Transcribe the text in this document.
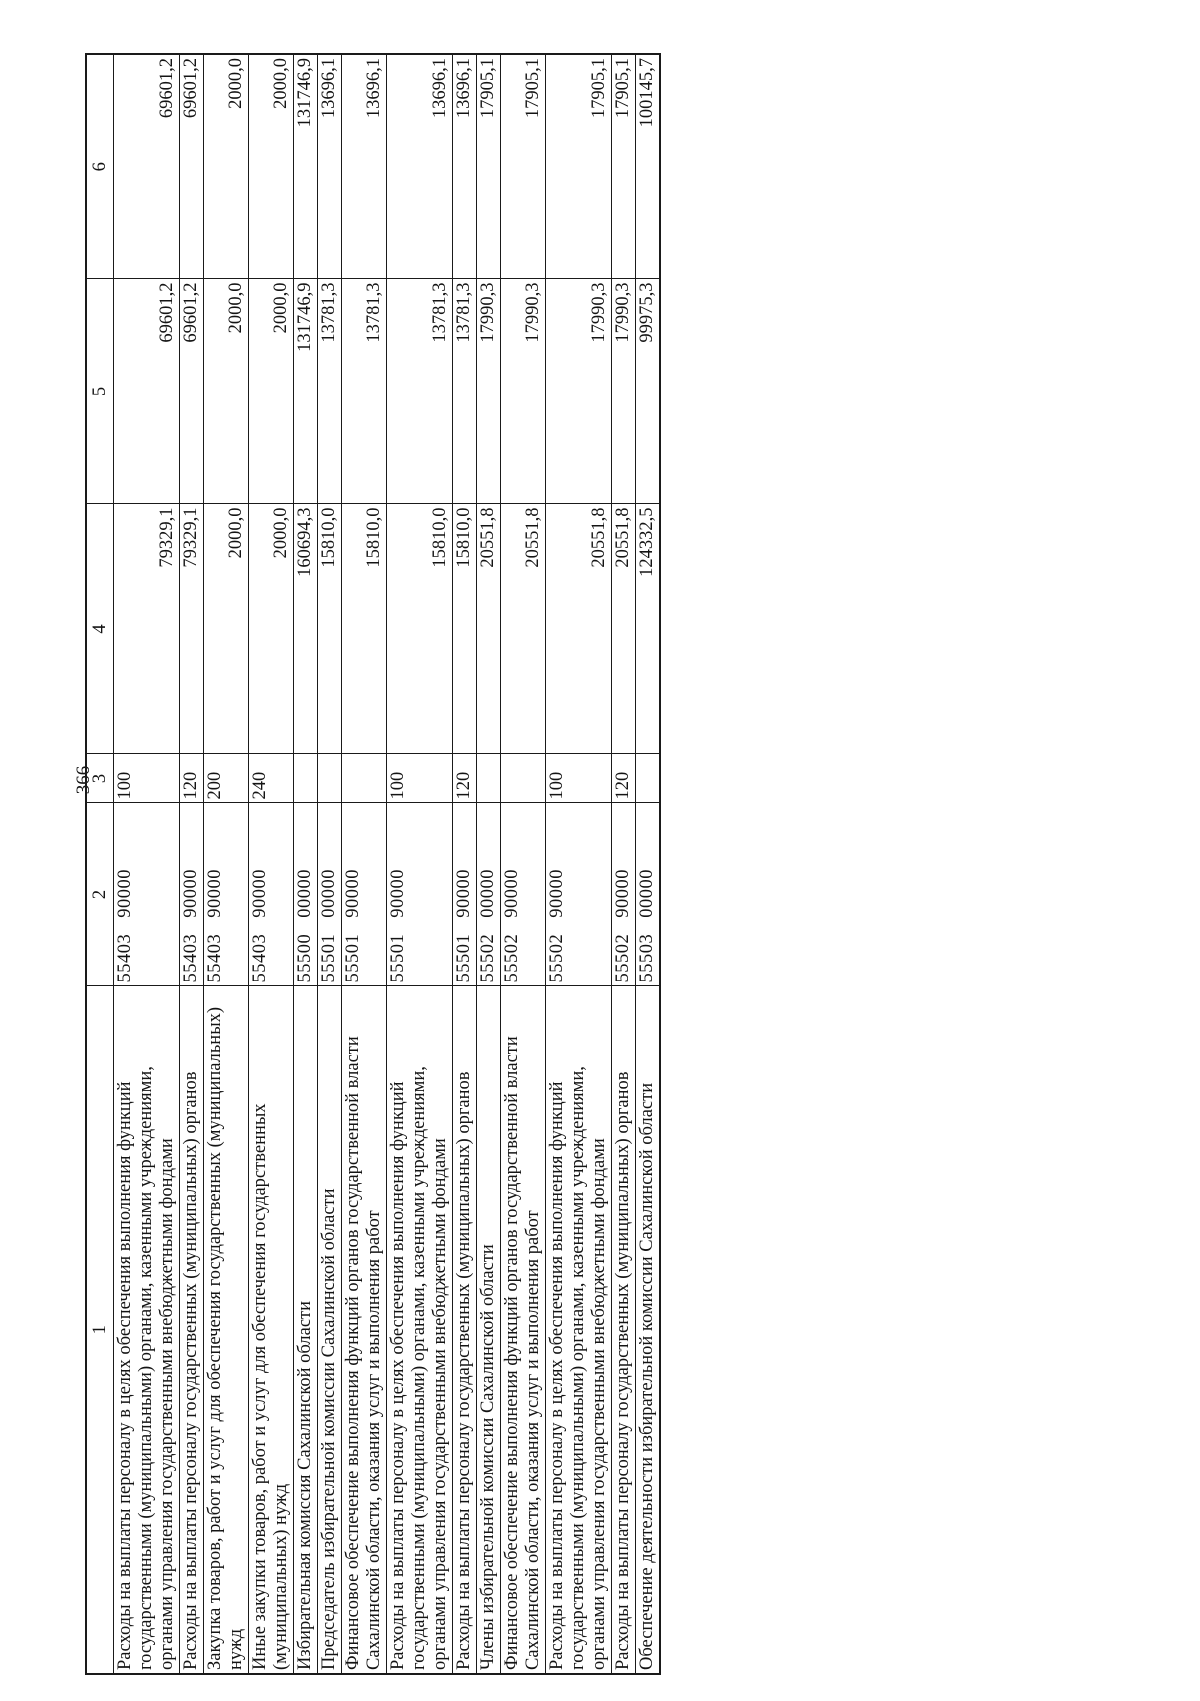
366
1	2	3	4	5	6
Расходы на выплаты персоналу в целях обеспечения выполнения функций государственными (муниципальными) органами, казенными учреждениями, органами управления государственными внебюджетными фондами	5540390000	100	79329,1	69601,2	69601,2
Расходы на выплаты персоналу государственных (муниципальных) органов	5540390000	120	79329,1	69601,2	69601,2
Закупка товаров, работ и услуг для обеспечения государственных (муниципальных) нужд	5540390000	200	2000,0	2000,0	2000,0
Иные закупки товаров, работ и услуг для обеспечения государственных (муниципальных) нужд	5540390000	240	2000,0	2000,0	2000,0
Избирательная комиссия Сахалинской области	5550000000		160694,3	131746,9	131746,9
Председатель избирательной комиссии Сахалинской области	5550100000		15810,0	13781,3	13696,1
Финансовое обеспечение выполнения функций органов государственной власти Сахалинской области, оказания услуг и выполнения работ	5550190000		15810,0	13781,3	13696,1
Расходы на выплаты персоналу в целях обеспечения выполнения функций государственными (муниципальными) органами, казенными учреждениями, органами управления государственными внебюджетными фондами	5550190000	100	15810,0	13781,3	13696,1
Расходы на выплаты персоналу государственных (муниципальных) органов	5550190000	120	15810,0	13781,3	13696,1
Члены избирательной комиссии Сахалинской области	5550200000		20551,8	17990,3	17905,1
Финансовое обеспечение выполнения функций органов государственной власти Сахалинской области, оказания услуг и выполнения работ	5550290000		20551,8	17990,3	17905,1
Расходы на выплаты персоналу в целях обеспечения выполнения функций государственными (муниципальными) органами, казенными учреждениями, органами управления государственными внебюджетными фондами	5550290000	100	20551,8	17990,3	17905,1
Расходы на выплаты персоналу государственных (муниципальных) органов	5550290000	120	20551,8	17990,3	17905,1
Обеспечение деятельности избирательной комиссии Сахалинской области	5550300000		124332,5	99975,3	100145,7
